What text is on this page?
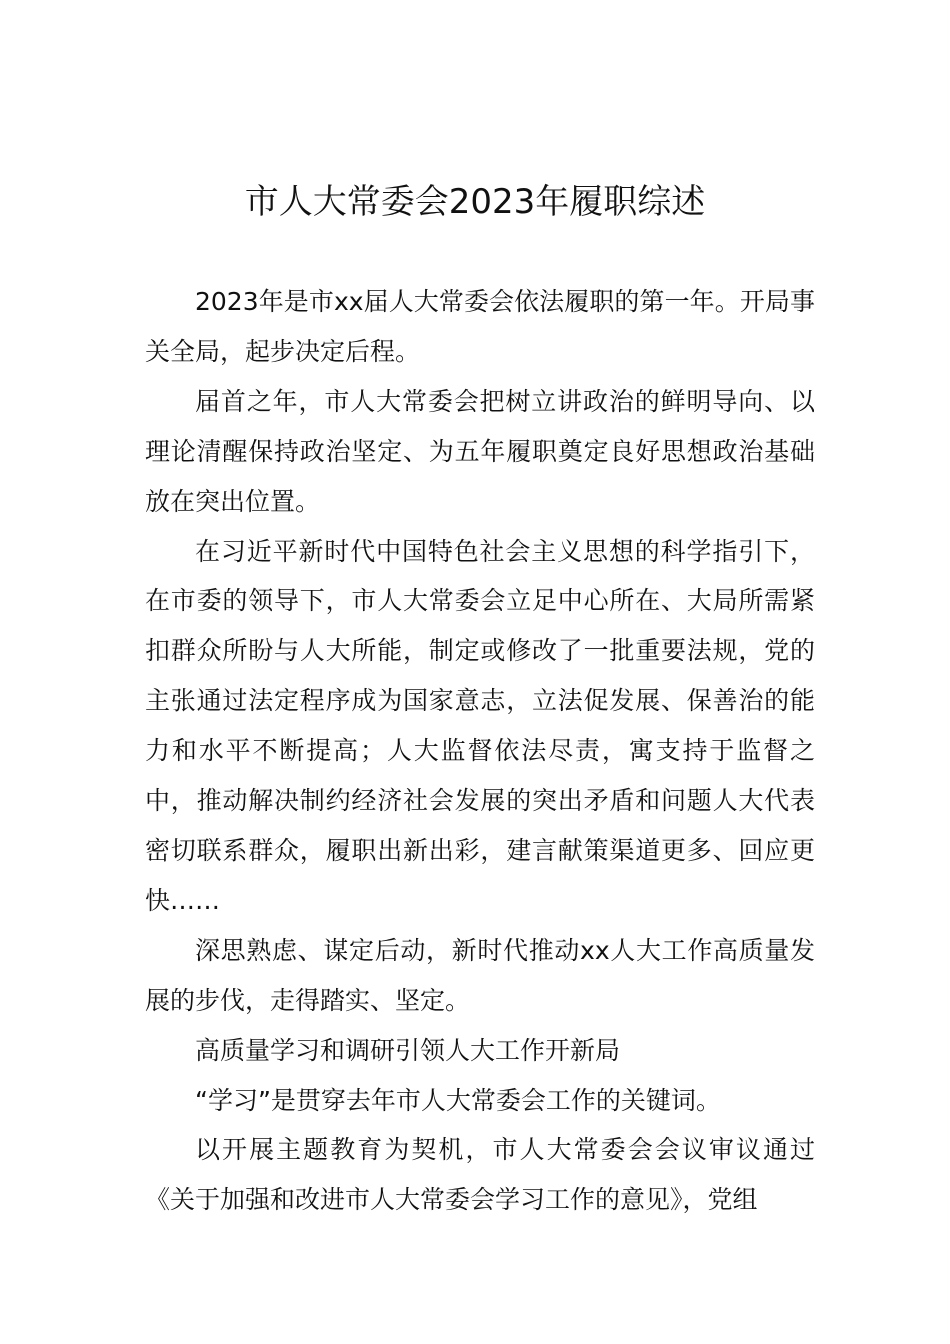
市人大常委会2023年履职综述

2023年是市xx届人大常委会依法履职的第一年。开局事关全局，起步决定后程。

届首之年，市人大常委会把树立讲政治的鲜明导向、以理论清醒保持政治坚定、为五年履职奠定良好思想政治基础放在突出位置。

在习近平新时代中国特色社会主义思想的科学指引下，在市委的领导下，市人大常委会立足中心所在、大局所需紧扣群众所盼与人大所能，制定或修改了一批重要法规，党的主张通过法定程序成为国家意志，立法促发展、保善治的能力和水平不断提高；人大监督依法尽责，寓支持于监督之中，推动解决制约经济社会发展的突出矛盾和问题人大代表密切联系群众，履职出新出彩，建言献策渠道更多、回应更快……

深思熟虑、谋定后动，新时代推动xx人大工作高质量发展的步伐，走得踏实、坚定。

高质量学习和调研引领人大工作开新局

“学习”是贯穿去年市人大常委会工作的关键词。

以开展主题教育为契机，市人大常委会会议审议通过《关于加强和改进市人大常委会学习工作的意见》，党组
